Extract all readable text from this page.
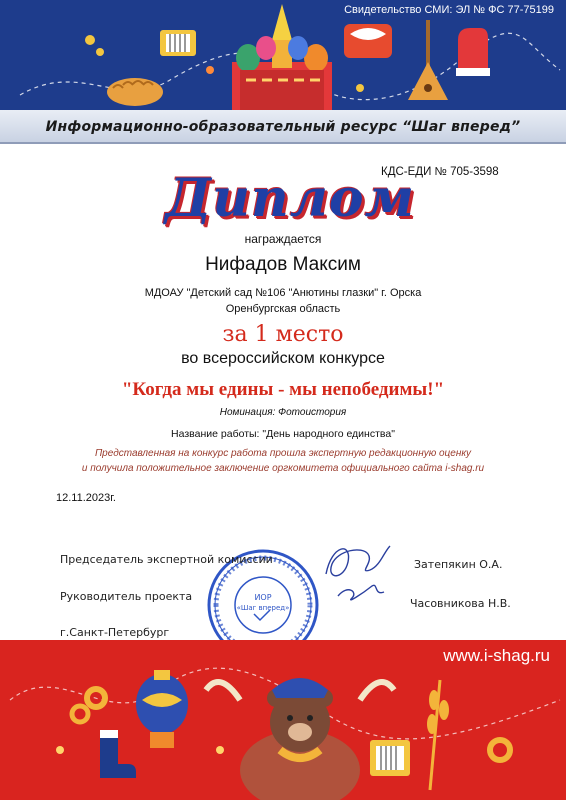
Свидетельство СМИ: ЭЛ № ФС 77-75199
Информационно-образовательный ресурс “Шаг вперед”
КДС-ЕДИ № 705-3598
Диплом
награждается
Нифадов Максим
МДОАУ "Детский сад №106 "Анютины глазки" г. Орска
Оренбургская область
за 1 место
во всероссийском конкурсе
"Когда мы едины - мы непобедимы!"
Номинация: Фотоистория
Название работы: "День народного единства"
Представленная на конкурс работа прошла экспертную редакционную оценку
и получила положительное заключение оргкомитета официального сайта i-shag.ru
12.11.2023г.
ИОР
«Шаг вперед»
Председатель экспертной комиссии	Затепякин О.А.
Руководитель проекта
Часовникова Н.В.
г.Санкт-Петербург
www.i-shag.ru
